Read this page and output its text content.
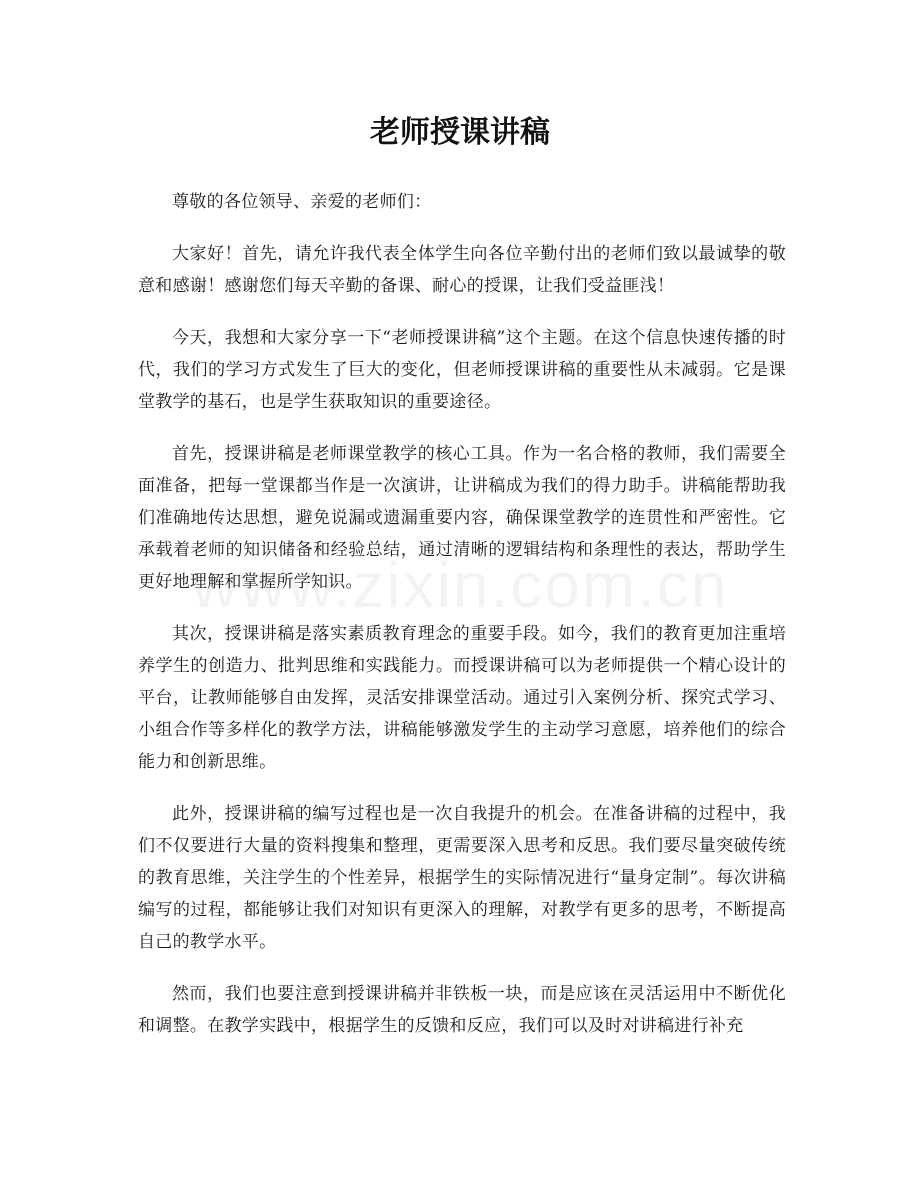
老师授课讲稿

尊敬的各位领导、亲爱的老师们：

大家好！首先，请允许我代表全体学生向各位辛勤付出的老师们致以最诚挚的敬意和感谢！感谢您们每天辛勤的备课、耐心的授课，让我们受益匪浅！

今天，我想和大家分享一下“老师授课讲稿”这个主题。在这个信息快速传播的时代，我们的学习方式发生了巨大的变化，但老师授课讲稿的重要性从未减弱。它是课堂教学的基石，也是学生获取知识的重要途径。

首先，授课讲稿是老师课堂教学的核心工具。作为一名合格的教师，我们需要全面准备，把每一堂课都当作是一次演讲，让讲稿成为我们的得力助手。讲稿能帮助我们准确地传达思想，避免说漏或遗漏重要内容，确保课堂教学的连贯性和严密性。它承载着老师的知识储备和经验总结，通过清晰的逻辑结构和条理性的表达，帮助学生更好地理解和掌握所学知识。

其次，授课讲稿是落实素质教育理念的重要手段。如今，我们的教育更加注重培养学生的创造力、批判思维和实践能力。而授课讲稿可以为老师提供一个精心设计的平台，让教师能够自由发挥，灵活安排课堂活动。通过引入案例分析、探究式学习、小组合作等多样化的教学方法，讲稿能够激发学生的主动学习意愿，培养他们的综合能力和创新思维。

此外，授课讲稿的编写过程也是一次自我提升的机会。在准备讲稿的过程中，我们不仅要进行大量的资料搜集和整理，更需要深入思考和反思。我们要尽量突破传统的教育思维，关注学生的个性差异，根据学生的实际情况进行“量身定制”。每次讲稿编写的过程，都能够让我们对知识有更深入的理解，对教学有更多的思考，不断提高自己的教学水平。

然而，我们也要注意到授课讲稿并非铁板一块，而是应该在灵活运用中不断优化和调整。在教学实践中，根据学生的反馈和反应，我们可以及时对讲稿进行补充
